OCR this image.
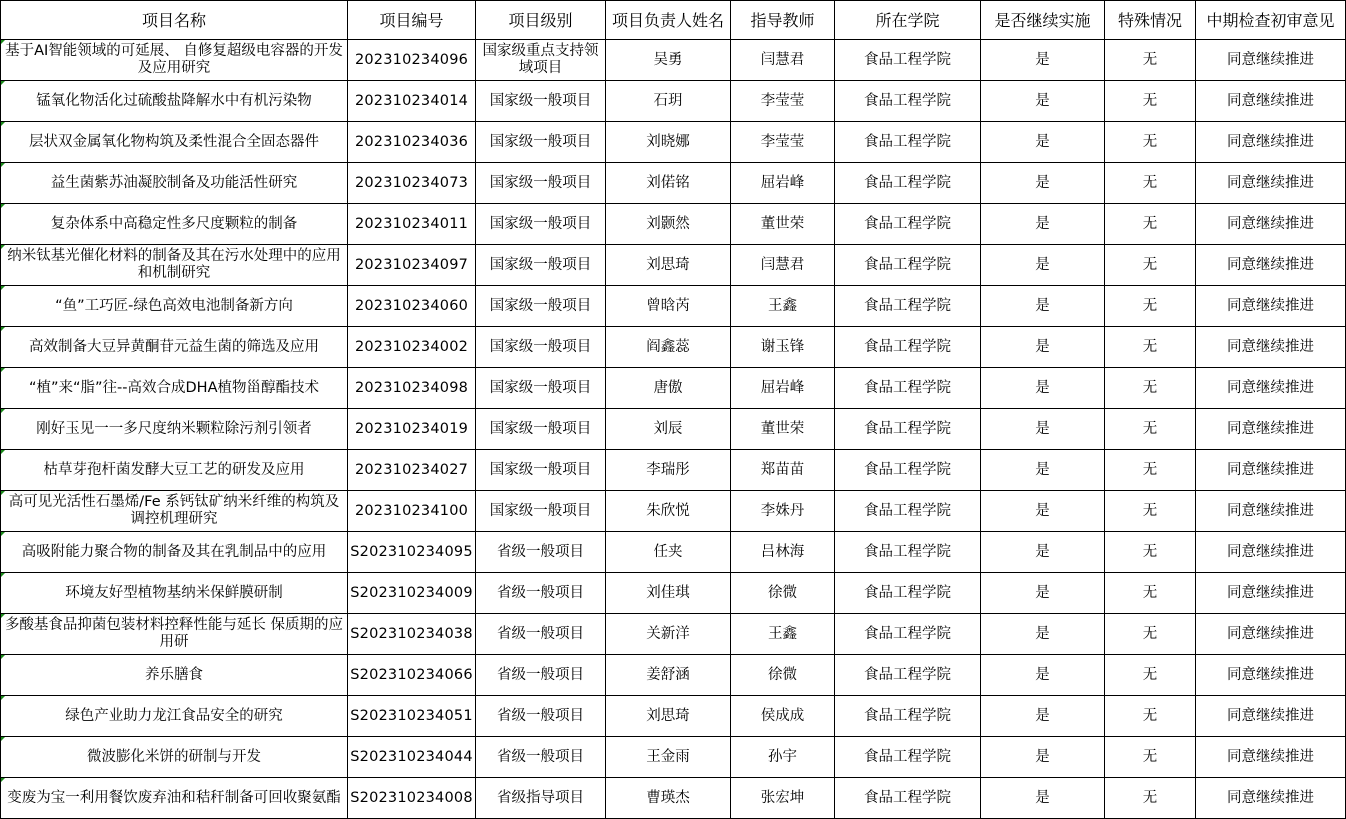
项目名称	项目编号	项目级别	项目负责人姓名	指导教师	所在学院	是否继续实施	特殊情况	中期检查初审意见
基于AI智能领域的可延展、 自修复超级电容器的开发及应用研究	202310234096	国家级重点支持领域项目	吴勇	闫慧君	食品工程学院	是	无	同意继续推进
锰氧化物活化过硫酸盐降解水中有机污染物	202310234014	国家级一般项目	石玥	李莹莹	食品工程学院	是	无	同意继续推进
层状双金属氧化物构筑及柔性混合全固态器件	202310234036	国家级一般项目	刘晓娜	李莹莹	食品工程学院	是	无	同意继续推进
益生菌紫苏油凝胶制备及功能活性研究	202310234073	国家级一般项目	刘偌铭	屈岩峰	食品工程学院	是	无	同意继续推进
复杂体系中高稳定性多尺度颗粒的制备	202310234011	国家级一般项目	刘颢然	董世荣	食品工程学院	是	无	同意继续推进
纳米钛基光催化材料的制备及其在污水处理中的应用和机制研究	202310234097	国家级一般项目	刘思琦	闫慧君	食品工程学院	是	无	同意继续推进
“鱼”工巧匠-绿色高效电池制备新方向	202310234060	国家级一般项目	曾晗芮	王鑫	食品工程学院	是	无	同意继续推进
高效制备大豆异黄酮苷元益生菌的筛选及应用	202310234002	国家级一般项目	阎鑫蕊	谢玉锋	食品工程学院	是	无	同意继续推进
“植”来“脂”往--高效合成DHA植物甾醇酯技术	202310234098	国家级一般项目	唐傲	屈岩峰	食品工程学院	是	无	同意继续推进
刚好玉见一一多尺度纳米颗粒除污剂引领者	202310234019	国家级一般项目	刘辰	董世荣	食品工程学院	是	无	同意继续推进
枯草芽孢杆菌发酵大豆工艺的研发及应用	202310234027	国家级一般项目	李瑞彤	郑苗苗	食品工程学院	是	无	同意继续推进
高可见光活性石墨烯/Fe 系钙钛矿纳米纤维的构筑及调控机理研究	202310234100	国家级一般项目	朱欣悦	李姝丹	食品工程学院	是	无	同意继续推进
高吸附能力聚合物的制备及其在乳制品中的应用	S202310234095	省级一般项目	任夹	吕林海	食品工程学院	是	无	同意继续推进
环境友好型植物基纳米保鲜膜研制	S202310234009	省级一般项目	刘佳琪	徐微	食品工程学院	是	无	同意继续推进
多酸基食品抑菌包装材料控释性能与延长 保质期的应用研	S202310234038	省级一般项目	关新洋	王鑫	食品工程学院	是	无	同意继续推进
养乐膳食	S202310234066	省级一般项目	姜舒涵	徐微	食品工程学院	是	无	同意继续推进
绿色产业助力龙江食品安全的研究	S202310234051	省级一般项目	刘思琦	侯成成	食品工程学院	是	无	同意继续推进
微波膨化米饼的研制与开发	S202310234044	省级一般项目	王金雨	孙宇	食品工程学院	是	无	同意继续推进
变废为宝一利用餐饮废弃油和秸秆制备可回收聚氨酯	S202310234008	省级指导项目	曹瑛杰	张宏坤	食品工程学院	是	无	同意继续推进
